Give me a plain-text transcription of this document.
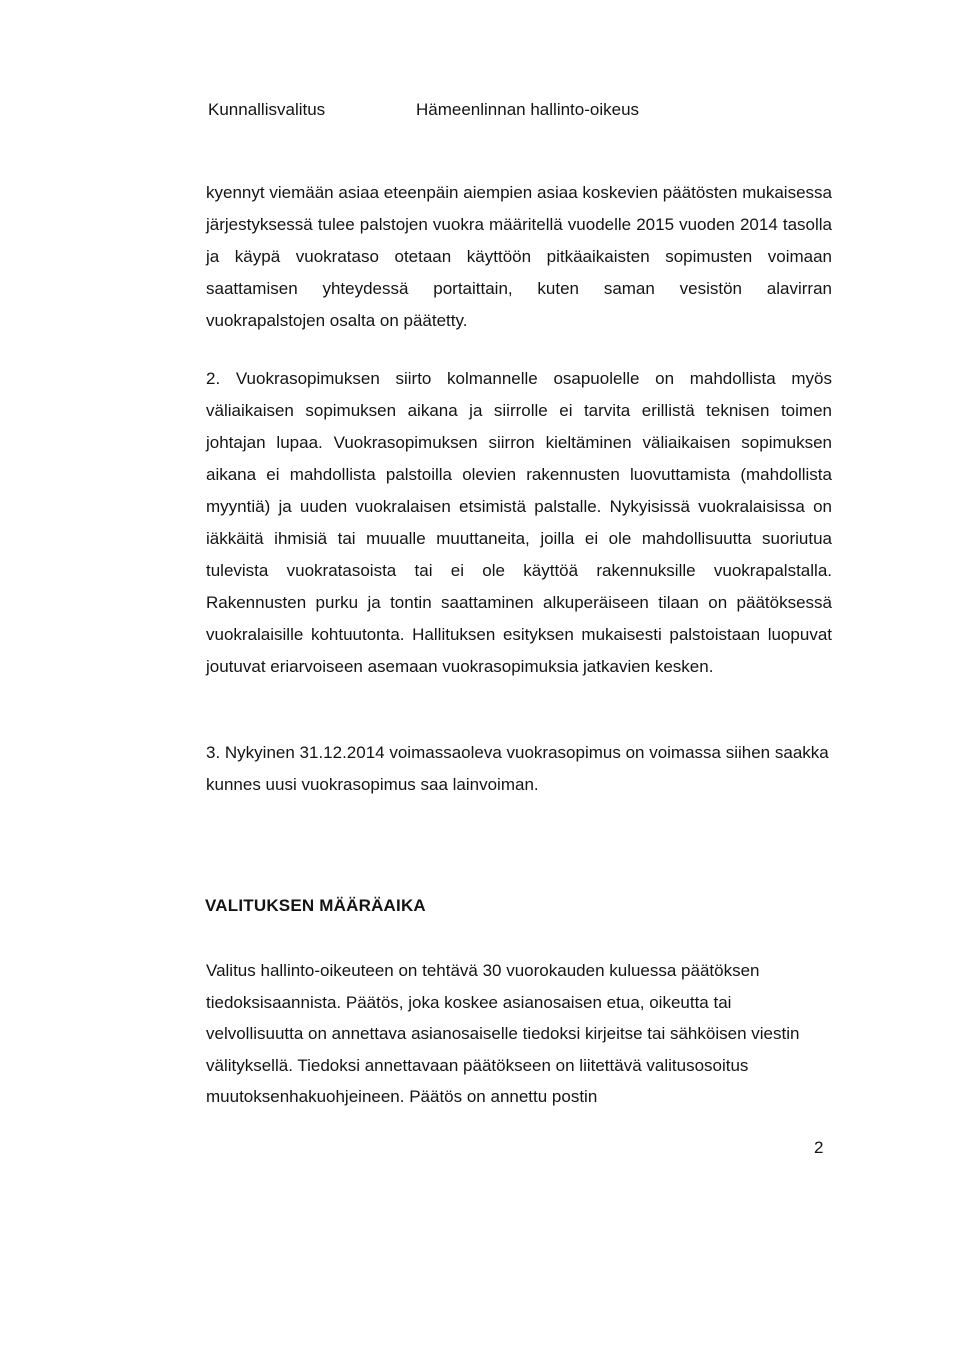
Kunnallisvalitus	Hämeenlinnan hallinto-oikeus

kyennyt viemään asiaa eteenpäin aiempien asiaa koskevien päätösten mukaisessa järjestyksessä tulee palstojen vuokra määritellä vuodelle 2015 vuoden 2014 tasolla ja käypä vuokrataso otetaan käyttöön pitkäaikaisten sopimusten voimaan saattamisen yhteydessä portaittain, kuten saman vesistön alavirran vuokrapalstojen osalta on päätetty.

2. Vuokrasopimuksen siirto kolmannelle osapuolelle on mahdollista myös väliaikaisen sopimuksen aikana ja siirrolle ei tarvita erillistä teknisen toimen johtajan lupaa. Vuokrasopimuksen siirron kieltäminen väliaikaisen sopimuksen aikana ei mahdollista palstoilla olevien rakennusten luovuttamista (mahdollista myyntiä) ja uuden vuokralaisen etsimistä palstalle. Nykyisissä vuokralaisissa on iäkkäitä ihmisiä tai muualle muuttaneita, joilla ei ole mahdollisuutta suoriutua tulevista vuokratasoista tai ei ole käyttöä rakennuksille vuokrapalstalla. Rakennusten purku ja tontin saattaminen alkuperäiseen tilaan on päätöksessä vuokralaisille kohtuutonta. Hallituksen esityksen mukaisesti palstoistaan luopuvat joutuvat eriarvoiseen asemaan vuokrasopimuksia jatkavien kesken.

3. Nykyinen 31.12.2014 voimassaoleva vuokrasopimus on voimassa siihen saakka kunnes uusi vuokrasopimus saa lainvoiman.

VALITUKSEN MÄÄRÄAIKA

Valitus hallinto-oikeuteen on tehtävä 30 vuorokauden kuluessa päätöksen tiedoksisaannista. Päätös, joka koskee asianosaisen etua, oikeutta tai velvollisuutta on annettava asianosaiselle tiedoksi kirjeitse tai sähköisen viestin välityksellä. Tiedoksi annettavaan päätökseen on liitettävä valitusosoitus muutoksenhakuohjeineen. Päätös on annettu postin

2
